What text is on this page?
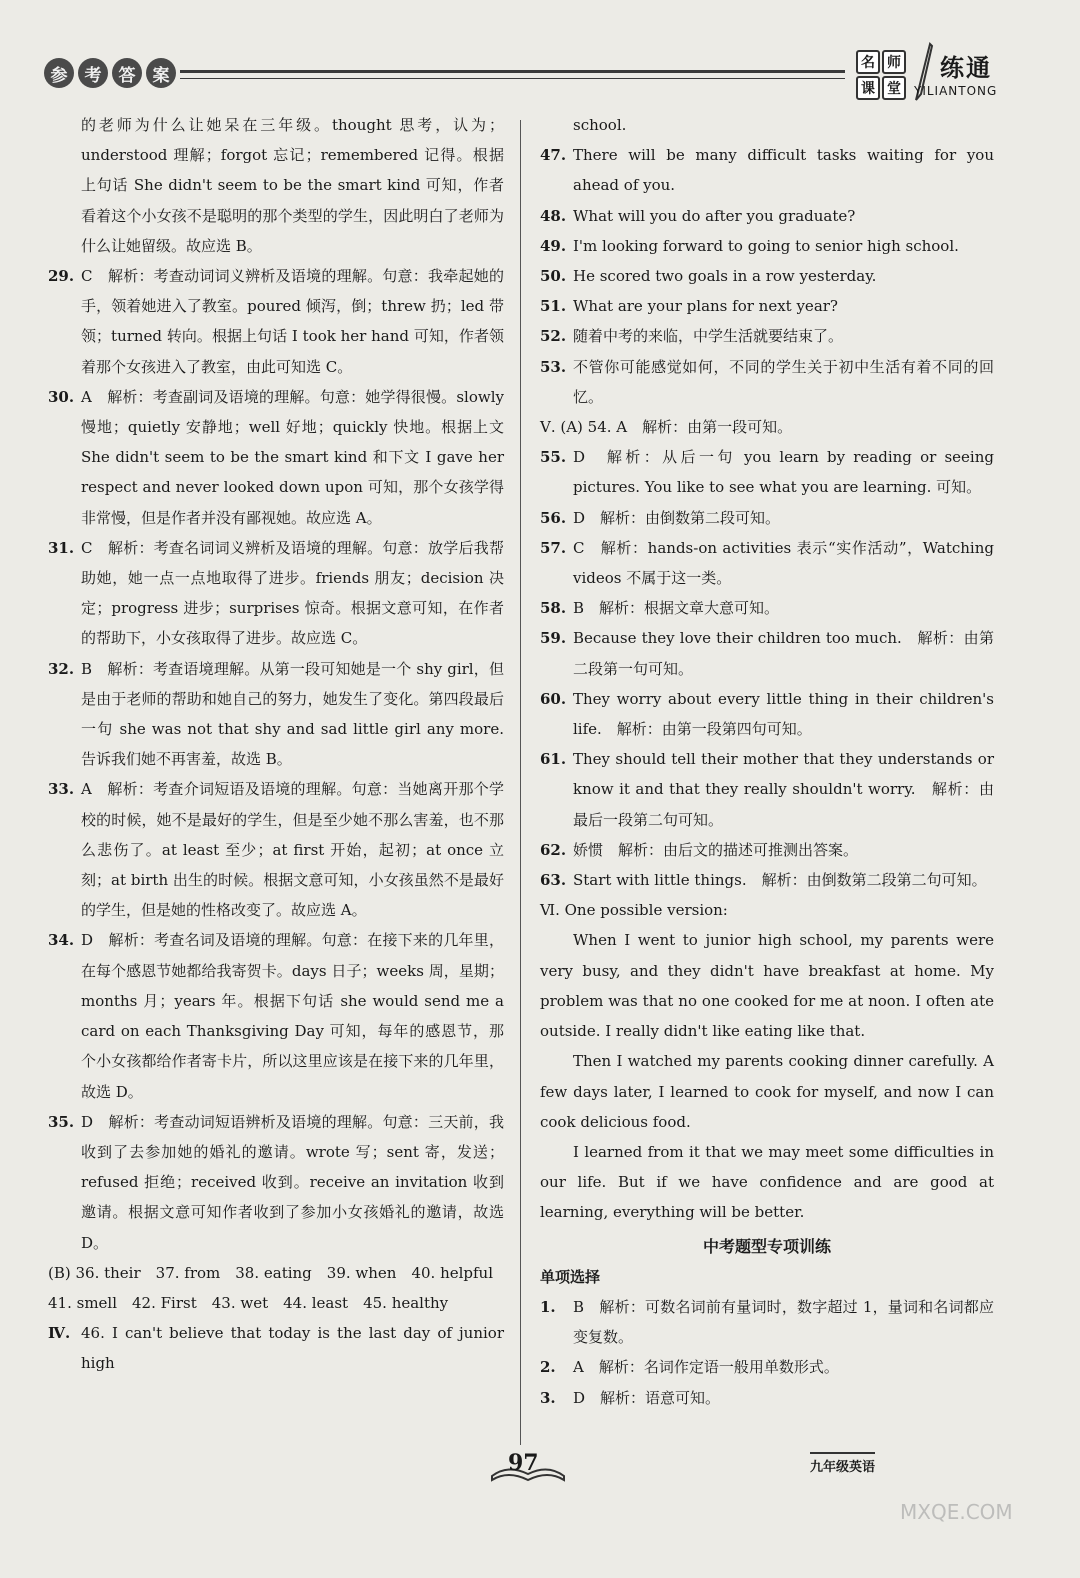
参	考	答	案
名 师
课 堂
练通
YILIANTONG
的老师为什么让她呆在三年级。thought 思考，认为；understood 理解；forgot 忘记；remembered 记得。根据上句话 She didn't seem to be the smart kind 可知，作者看着这个小女孩不是聪明的那个类型的学生，因此明白了老师为什么让她留级。故应选 B。
29. C　解析：考查动词词义辨析及语境的理解。句意：我牵起她的手，领着她进入了教室。poured 倾泻，倒；threw 扔；led 带领；turned 转向。根据上句话 I took her hand 可知，作者领着那个女孩进入了教室，由此可知选 C。
30. A　解析：考查副词及语境的理解。句意：她学得很慢。slowly 慢地；quietly 安静地；well 好地；quickly 快地。根据上文 She didn't seem to be the smart kind 和下文 I gave her respect and never looked down upon 可知，那个女孩学得非常慢，但是作者并没有鄙视她。故应选 A。
31. C　解析：考查名词词义辨析及语境的理解。句意：放学后我帮助她，她一点一点地取得了进步。friends 朋友；decision 决定；progress 进步；surprises 惊奇。根据文意可知，在作者的帮助下，小女孩取得了进步。故应选 C。
32. B　解析：考查语境理解。从第一段可知她是一个 shy girl，但是由于老师的帮助和她自己的努力，她发生了变化。第四段最后一句 she was not that shy and sad little girl any more. 告诉我们她不再害羞，故选 B。
33. A　解析：考查介词短语及语境的理解。句意：当她离开那个学校的时候，她不是最好的学生，但是至少她不那么害羞，也不那么悲伤了。at least 至少；at first 开始，起初；at once 立刻；at birth 出生的时候。根据文意可知，小女孩虽然不是最好的学生，但是她的性格改变了。故应选 A。
34. D　解析：考查名词及语境的理解。句意：在接下来的几年里，在每个感恩节她都给我寄贺卡。days 日子；weeks 周，星期；months 月；years 年。根据下句话 she would send me a card on each Thanksgiving Day 可知，每年的感恩节，那个小女孩都给作者寄卡片，所以这里应该是在接下来的几年里，故选 D。
35. D　解析：考查动词短语辨析及语境的理解。句意：三天前，我收到了去参加她的婚礼的邀请。wrote 写；sent 寄，发送；refused 拒绝；received 收到。receive an invitation 收到邀请。根据文意可知作者收到了参加小女孩婚礼的邀请，故选 D。
(B) 36. their　37. from　38. eating　39. when　40. helpful
41. smell　42. First　43. wet　44. least　45. healthy
Ⅳ. 46. I can't believe that today is the last day of junior high
school.
47. There will be many difficult tasks waiting for you ahead of you.
48. What will you do after you graduate?
49. I'm looking forward to going to senior high school.
50. He scored two goals in a row yesterday.
51. What are your plans for next year?
52. 随着中考的来临，中学生活就要结束了。
53. 不管你可能感觉如何，不同的学生关于初中生活有着不同的回忆。
Ⅴ. (A) 54. A　解析：由第一段可知。
55. D　解析：从后一句 you learn by reading or seeing pictures. You like to see what you are learning. 可知。
56. D　解析：由倒数第二段可知。
57. C　解析：hands-on activities 表示“实作活动”，Watching videos 不属于这一类。
58. B　解析：根据文章大意可知。
59. Because they love their children too much.　解析：由第二段第一句可知。
60. They worry about every little thing in their children's life.　解析：由第一段第四句可知。
61. They should tell their mother that they understands or know it and that they really shouldn't worry.　解析：由最后一段第二句可知。
62. 娇惯　解析：由后文的描述可推测出答案。
63. Start with little things.　解析：由倒数第二段第二句可知。
Ⅵ. One possible version:
When I went to junior high school, my parents were very busy, and they didn't have breakfast at home. My problem was that no one cooked for me at noon. I often ate outside. I really didn't like eating like that.
Then I watched my parents cooking dinner carefully. A few days later, I learned to cook for myself, and now I can cook delicious food.
I learned from it that we may meet some difficulties in our life. But if we have confidence and are good at learning, everything will be better.
中考题型专项训练
单项选择
1. B　解析：可数名词前有量词时，数字超过 1，量词和名词都应变复数。
2. A　解析：名词作定语一般用单数形式。
3. D　解析：语意可知。
97	九年级英语
MXQE.COM
